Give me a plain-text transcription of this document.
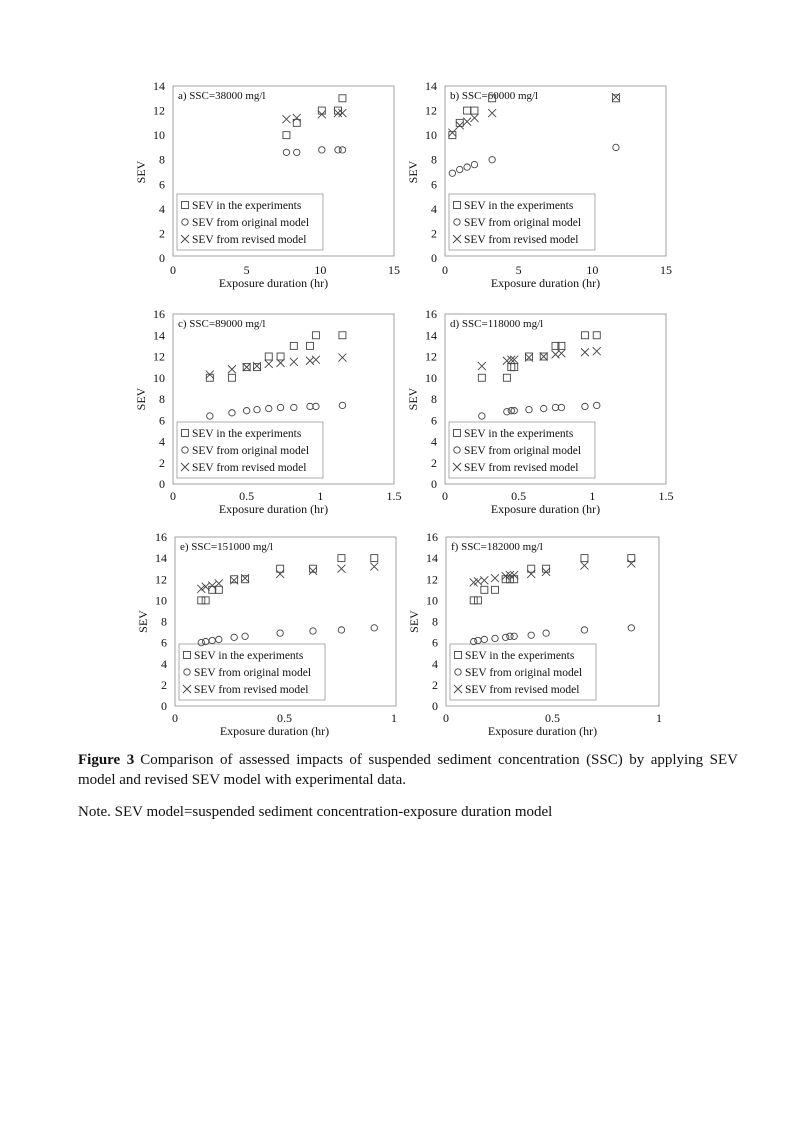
0
2
4
6
8
10
12
14
0	5	10	15
Exposure duration (hr)
SEV
a) SSC=38000 mg/l
SEV in the experiments
SEV from original model
SEV from revised model
0
2
4
6
8
10
12
14
0	5	10	15
Exposure duration (hr)
SEV
b) SSC=60000 mg/l
SEV in the experiments
SEV from original model
SEV from revised model
0
2
4
6
8
10
12
14
16
0	0.5	1	1.5
Exposure duration (hr)
SEV
c) SSC=89000 mg/l
SEV in the experiments
SEV from original model
SEV from revised model
0
2
4
6
8
10
12
14
16
0	0.5	1	1.5
Exposure duration (hr)
SEV
d) SSC=118000 mg/l
SEV in the experiments
SEV from original model
SEV from revised model
0
2
4
6
8
10
12
14
16
0	0.5	1
Exposure duration (hr)
SEV
e) SSC=151000 mg/l
SEV in the experiments
SEV from original model
SEV from revised model
0
2
4
6
8
10
12
14
16
0	0.5	1
Exposure duration (hr)
SEV
f) SSC=182000 mg/l
SEV in the experiments
SEV from original model
SEV from revised model
Figure 3 Comparison of assessed impacts of suspended sediment concentration (SSC) by applying SEV model and revised SEV model with experimental data.
Note. SEV model=suspended sediment concentration-exposure duration model
